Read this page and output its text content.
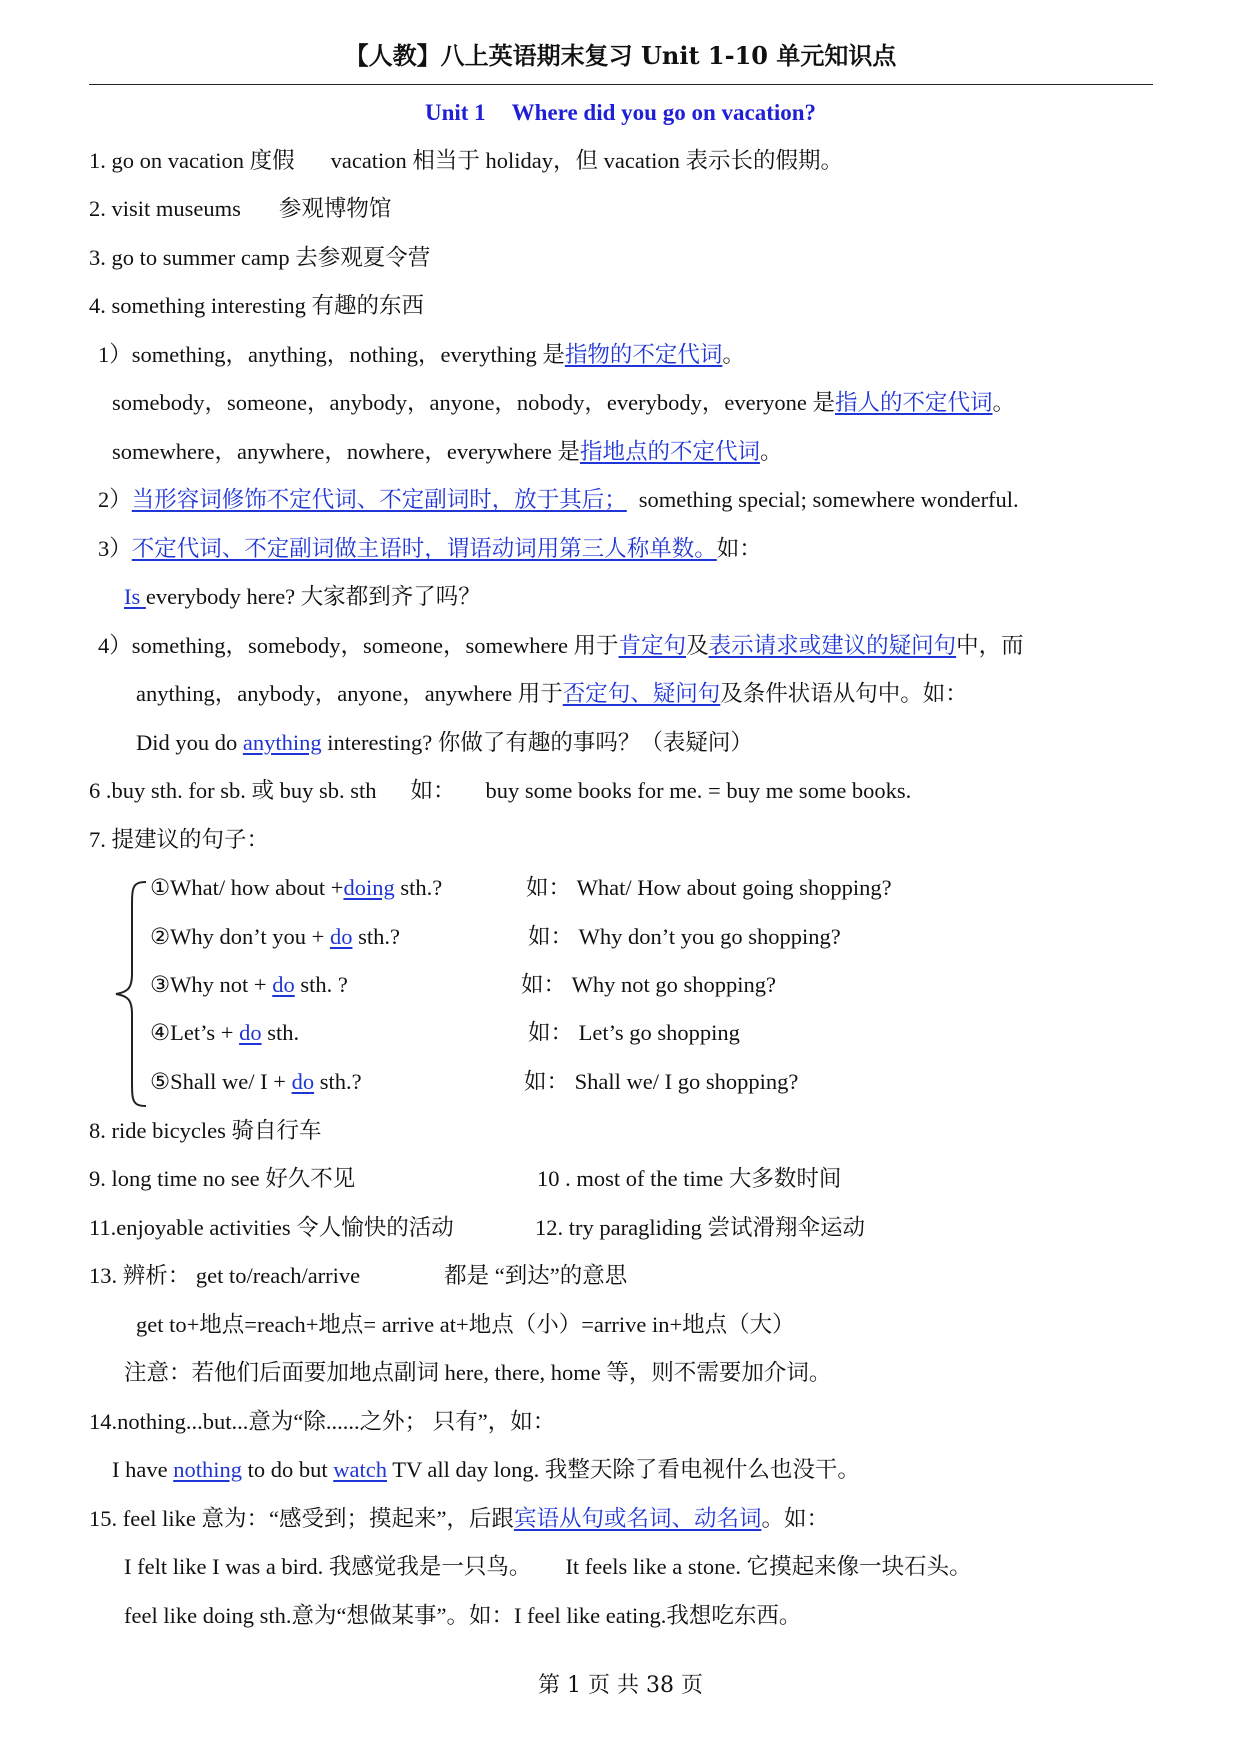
【人教】八上英语期末复习 Unit 1-10 单元知识点
Unit 1 Where did you go on vacation?
1. go on vacation 度假 vacation 相当于 holiday，但 vacation 表示长的假期。
2. visit museums 参观博物馆
3. go to summer camp 去参观夏令营
4. something interesting 有趣的东西
1）something，anything，nothing，everything 是指物的不定代词。
somebody，someone，anybody，anyone，nobody，everybody，everyone 是指人的不定代词。
somewhere，anywhere，nowhere，everywhere 是指地点的不定代词。
2）当形容词修饰不定代词、不定副词时，放于其后； something special; somewhere wonderful.
3）不定代词、不定副词做主语时，谓语动词用第三人称单数。如：
Is everybody here? 大家都到齐了吗？
4）something，somebody，someone，somewhere 用于肯定句及表示请求或建议的疑问句中，而
anything，anybody，anyone，anywhere 用于否定句、疑问句及条件状语从句中。如：
Did you do anything interesting? 你做了有趣的事吗？（表疑问）
6 .buy sth. for sb. 或 buy sb. sth 如： buy some books for me. = buy me some books.
7. 提建议的句子：
①What/ how about +doing sth.?	如： What/ How about going shopping?
②Why don’t you + do sth.?	如： Why don’t you go shopping?
③Why not + do sth. ?	如： Why not go shopping?
④Let’s + do sth.	如： Let’s go shopping
⑤Shall we/ I + do sth.?	如： Shall we/ I go shopping?
8. ride bicycles 骑自行车
9. long time no see 好久不见	10 . most of the time 大多数时间
11.enjoyable activities 令人愉快的活动	12. try paragliding 尝试滑翔伞运动
13. 辨析： get to/reach/arrive	都是 “到达”的意思
get to+地点=reach+地点= arrive at+地点（小）=arrive in+地点（大）
注意：若他们后面要加地点副词 here, there, home 等，则不需要加介词。
14.nothing...but...意为“除......之外； 只有”，如：
I have nothing to do but watch TV all day long. 我整天除了看电视什么也没干。
15. feel like 意为：“感受到；摸起来”，后跟宾语从句或名词、动名词。如：
I felt like I was a bird. 我感觉我是一只鸟。 It feels like a stone. 它摸起来像一块石头。
feel like doing sth.意为“想做某事”。如：I feel like eating.我想吃东西。
第 1 页 共 38 页
